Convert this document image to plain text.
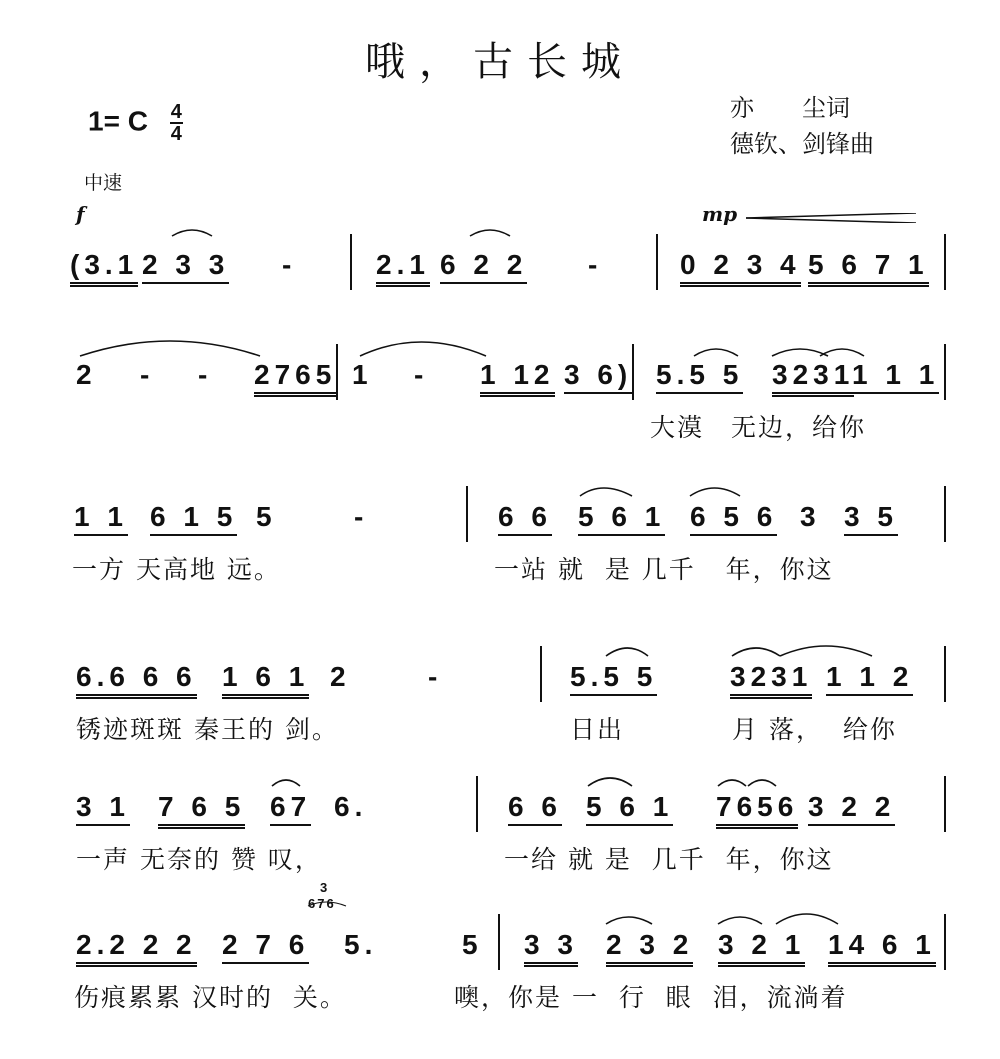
哦，古长城
1= C $\frac{4}{4}$	亦　　尘词
德钦、剑锋曲
中速
f	mp
(3.1 2 3 3 -	2.1 6 2 2 -	0 2 3 4 5 6 7 1
2 - - 2765 1 - 1 12 3 6) 5.5 5 3231
1 1 1
大漠　无边，给你
1 1 6 1 5 5	-	6 6 5 6 1 6 5 6 3 3 5
一方 天高地 远。	一站 就  是 几千   年，你这
6.6 6 6 1 6 1 2	-	5.5 5	3231 1 1 2
锈迹斑斑 秦王的 剑。	日出	月 落，  给你
3 1 7 6 5 67 6.	6 6 5 6 1 7656 3 2 2
一声 无奈的 赞 叹，	一给 就 是  几千  年，你这
2.2 2 2 2 7 6
676
3
5.	5 3 3 2 3 2 3 2 1 14 6 1
伤痕累累 汉时的  关。	噢，你是 一  行  眼  泪，流淌着
